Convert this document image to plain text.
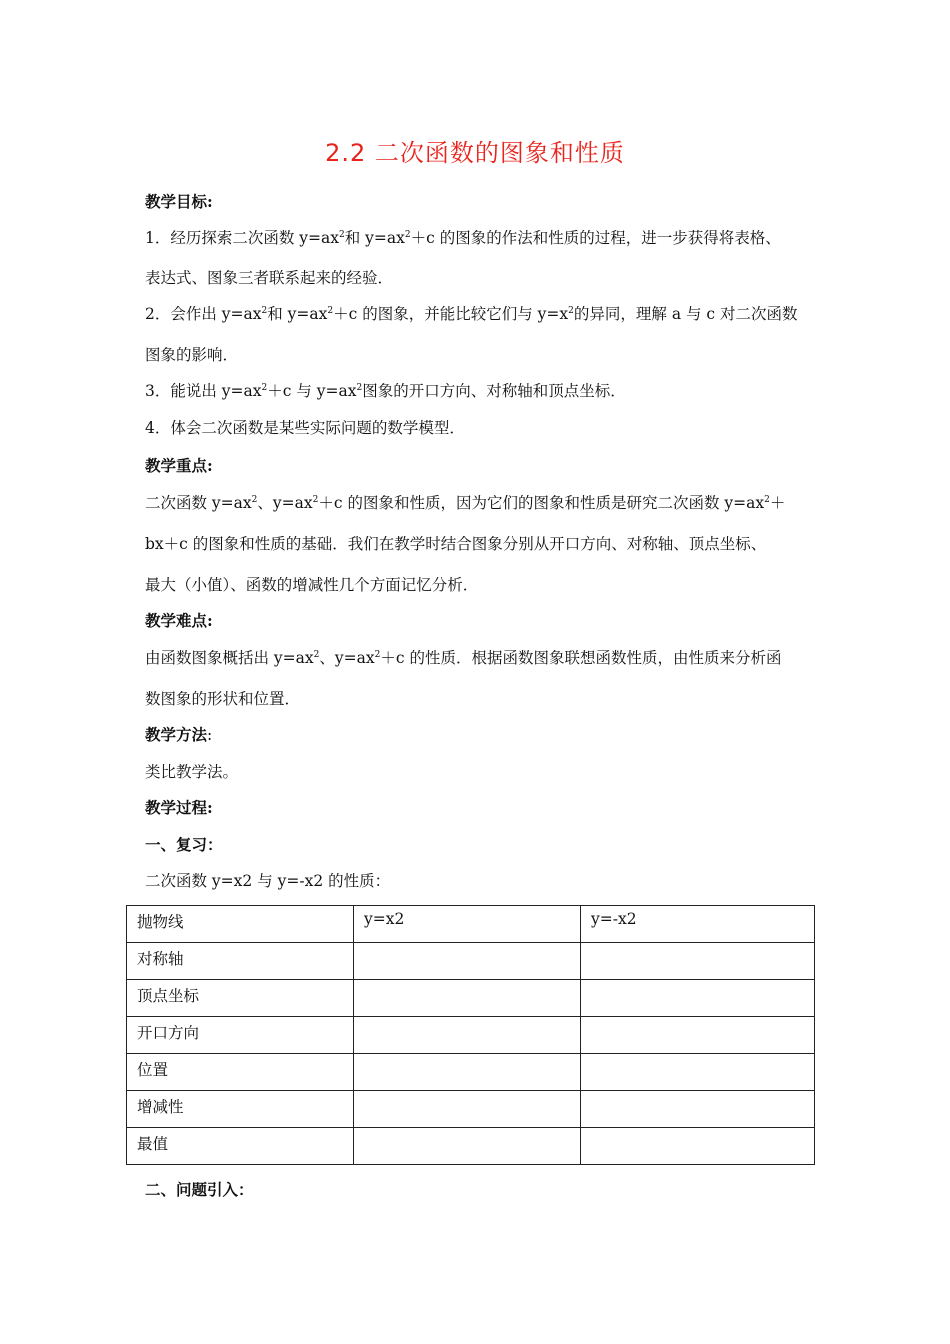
2.2 二次函数的图象和性质
教学目标:
1．经历探索二次函数 $y=ax^2$和 $y=ax^2+c$ 的图象的作法和性质的过程，进一步获得将表格、
表达式、图象三者联系起来的经验．
2．会作出 $y=ax^2$和 $y=ax^2+c$ 的图象，并能比较它们与 $y=x^2$的异同，理解 a 与 c 对二次函数
图象的影响．
3．能说出 $y=ax^2+c$ 与 $y=ax^2$图象的开口方向、对称轴和顶点坐标．
4．体会二次函数是某些实际问题的数学模型．
教学重点:
二次函数 $y=ax^2$、$y=ax^2+c$ 的图象和性质，因为它们的图象和性质是研究二次函数 $y=ax^2+$
bx＋c 的图象和性质的基础．我们在教学时结合图象分别从开口方向、对称轴、顶点坐标、
最大（小值）、函数的增减性几个方面记忆分析．
教学难点:
由函数图象概括出 $y=ax^2$、$y=ax^2+c$ 的性质．根据函数图象联想函数性质，由性质来分析函
数图象的形状和位置．
教学方法:
类比教学法。
教学过程:
一、复习：
二次函数 y=x2 与 y=-x2 的性质：
抛物线	y=x2	y=-x2
对称轴		
顶点坐标		
开口方向		
位置		
增减性		
最值		
二、问题引入：
